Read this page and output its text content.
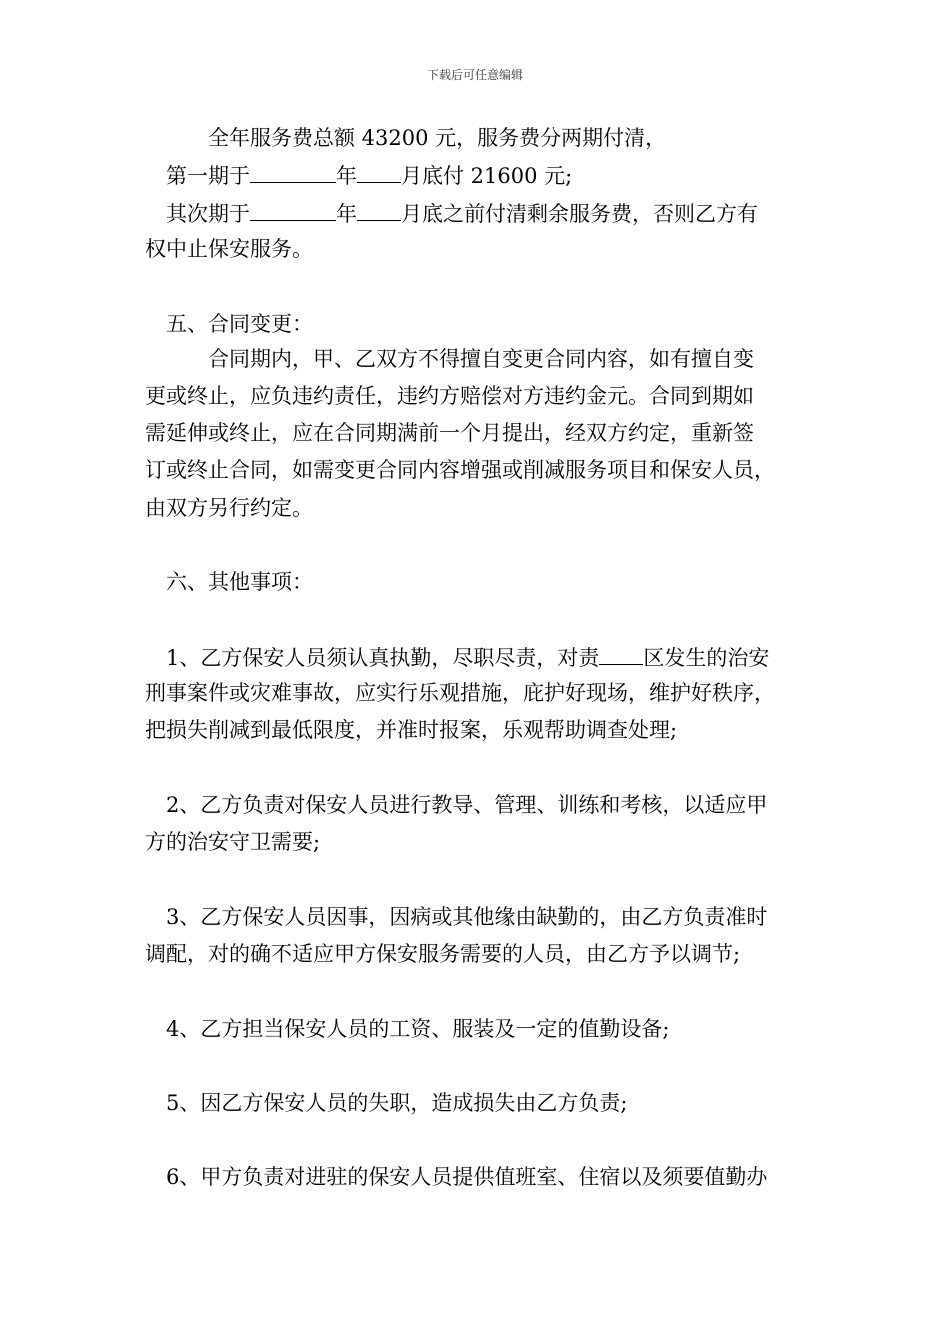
下载后可任意编辑
全年服务费总额 43200 元，服务费分两期付清，
第一期于	年 月底付 21600 元;
其次期于	年 月底之前付清剩余服务费，否则乙方有
权中止保安服务。
五、合同变更：
合同期内，甲、乙双方不得擅自变更合同内容，如有擅自变
更或终止，应负违约责任，违约方赔偿对方违约金元。合同到期如
需延伸或终止，应在合同期满前一个月提出，经双方约定，重新签
订或终止合同，如需变更合同内容增强或削减服务项目和保安人员，
由双方另行约定。
六、其他事项：
1、乙方保安人员须认真执勤，尽职尽责，对责 区发生的治安
刑事案件或灾难事故，应实行乐观措施，庇护好现场，维护好秩序，
把损失削减到最低限度，并准时报案，乐观帮助调查处理;
2、乙方负责对保安人员进行教导、管理、训练和考核，以适应甲
方的治安守卫需要;
3、乙方保安人员因事，因病或其他缘由缺勤的，由乙方负责准时
调配，对的确不适应甲方保安服务需要的人员，由乙方予以调节;
4、乙方担当保安人员的工资、服装及一定的值勤设备;
5、因乙方保安人员的失职，造成损失由乙方负责;
6、甲方负责对进驻的保安人员提供值班室、住宿以及须要值勤办
